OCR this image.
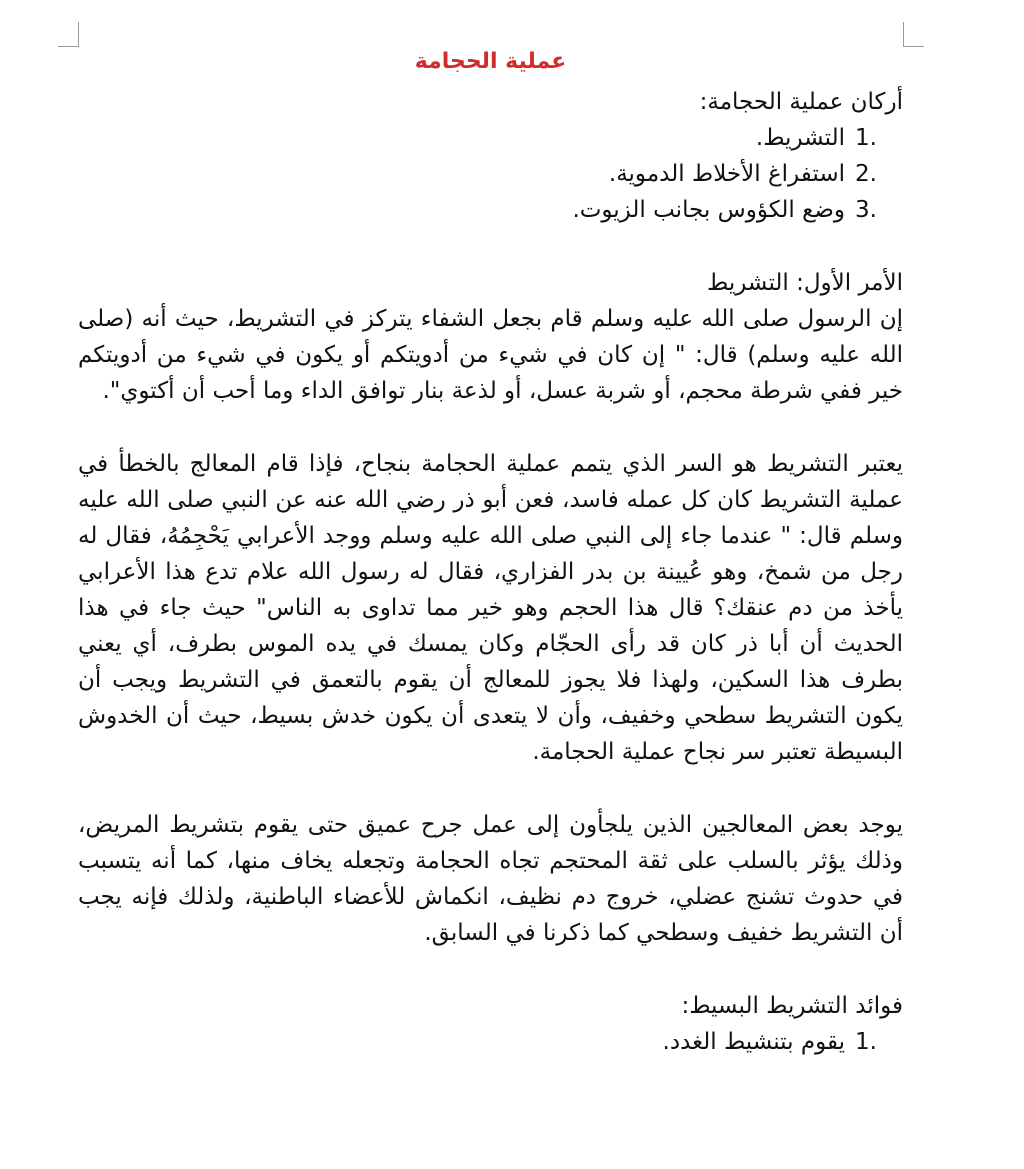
عملية الحجامة

أركان عملية الحجامة:

1.
التشريط.
2.
استفراغ الأخلاط الدموية.
3.
وضع الكؤوس بجانب الزيوت.

الأمر الأول: التشريط

إن الرسول صلى الله عليه وسلم قام بجعل الشفاء يتركز في التشريط، حيث أنه (صلى الله عليه وسلم) قال: " إن كان في شيء من أدويتكم أو يكون في شيء من أدويتكم خير ففي شرطة محجم، أو شربة عسل، أو لذعة بنار توافق الداء وما أحب أن أكتوي".

يعتبر التشريط هو السر الذي يتمم عملية الحجامة بنجاح، فإذا قام المعالج بالخطأ في عملية التشريط كان كل عمله فاسد، فعن أبو ذر رضي الله عنه عن النبي صلى الله عليه وسلم قال: " عندما جاء إلى النبي صلى الله عليه وسلم ووجد الأعرابي يَحْجِمُهُ، فقال له رجل من شمخ، وهو عُيينة بن بدر الفزاري، فقال له رسول الله علام تدع هذا الأعرابي يأخذ من دم عنقك؟ قال هذا الحجم وهو خير مما تداوى به الناس" حيث جاء في هذا الحديث أن أبا ذر كان قد رأى الحجّام وكان يمسك في يده الموس بطرف، أي يعني بطرف هذا السكين، ولهذا فلا يجوز للمعالج أن يقوم بالتعمق في التشريط ويجب أن يكون التشريط سطحي وخفيف، وأن لا يتعدى أن يكون خدش بسيط، حيث أن الخدوش البسيطة تعتبر سر نجاح عملية الحجامة.

يوجد بعض المعالجين الذين يلجأون إلى عمل جرح عميق حتى يقوم بتشريط المريض، وذلك يؤثر بالسلب على ثقة المحتجم تجاه الحجامة وتجعله يخاف منها، كما أنه يتسبب في حدوث تشنج عضلي، خروج دم نظيف، انكماش للأعضاء الباطنية، ولذلك فإنه يجب أن التشريط خفيف وسطحي كما ذكرنا في السابق.

فوائد التشريط البسيط:

1.
يقوم بتنشيط الغدد.
